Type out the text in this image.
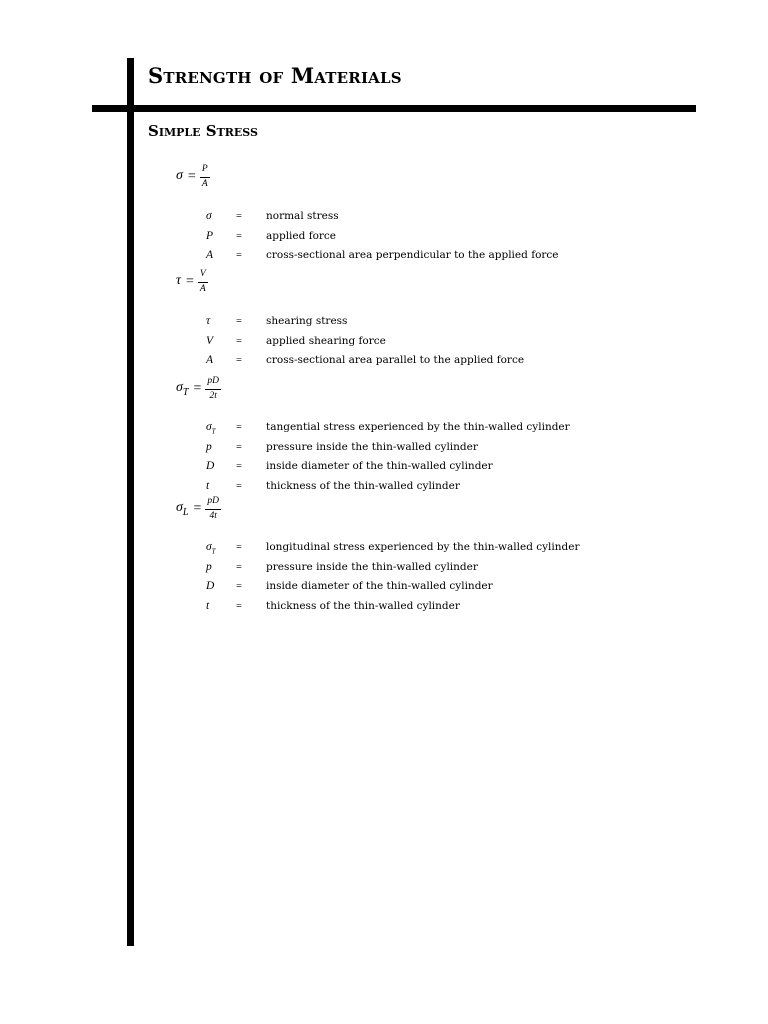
Strength of Materials
Simple Stress
$\sigma = \frac{P}{A}$
σ	=	normal stress
P	=	applied force
A	=	cross-sectional area perpendicular to the applied force
$\tau = \frac{V}{A}$
τ	=	shearing stress
V	=	applied shearing force
A	=	cross-sectional area parallel to the applied force
$\sigma_T = \frac{pD}{2t}$
$\sigma_T$	=	tangential stress experienced by the thin-walled cylinder
p	=	pressure inside the thin-walled cylinder
D	=	inside diameter of the thin-walled cylinder
t	=	thickness of the thin-walled cylinder
$\sigma_L = \frac{pD}{4t}$
$\sigma_T$	=	longitudinal stress experienced by the thin-walled cylinder
p	=	pressure inside the thin-walled cylinder
D	=	inside diameter of the thin-walled cylinder
t	=	thickness of the thin-walled cylinder
